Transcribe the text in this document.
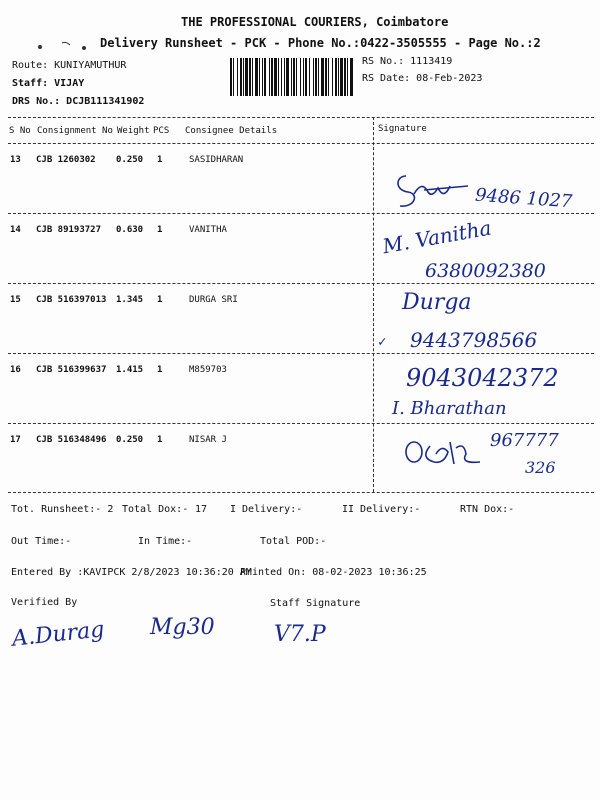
THE PROFESSIONAL COURIERS, Coimbatore
Delivery Runsheet - PCK - Phone No.:0422-3505555 - Page No.:2
Route: KUNIYAMUTHUR
Staff: VIJAY
DRS No.: DCJB111341902
RS No.: 1113419
RS Date: 08-Feb-2023
S No Consignment No Weight PCS Consignee Details	Signature
13 CJB 1260302 0.250 1	SASIDHARAN
9486 1027
14 CJB 89193727 0.630 1	VANITHA	M. Vanitha
6380092380
15 CJB 516397013 1.345 1	DURGA SRI	Durga
✓ 9443798566
16 CJB 516399637 1.415 1	M859703	9043042372
I. Bharathan
17 CJB 516348496 0.250 1	NISAR J	967777
326
Tot. Runsheet:- 2 Total Dox:- 17 I Delivery:-	II Delivery:-	RTN Dox:-
Out Time:-	In Time:-	Total POD:-
Entered By :KAVIPCK 2/8/2023 10:36:20 AM
Printed On: 08-02-2023 10:36:25
Verified By	Staff Signature
A.Durag Mg30	V7.P
